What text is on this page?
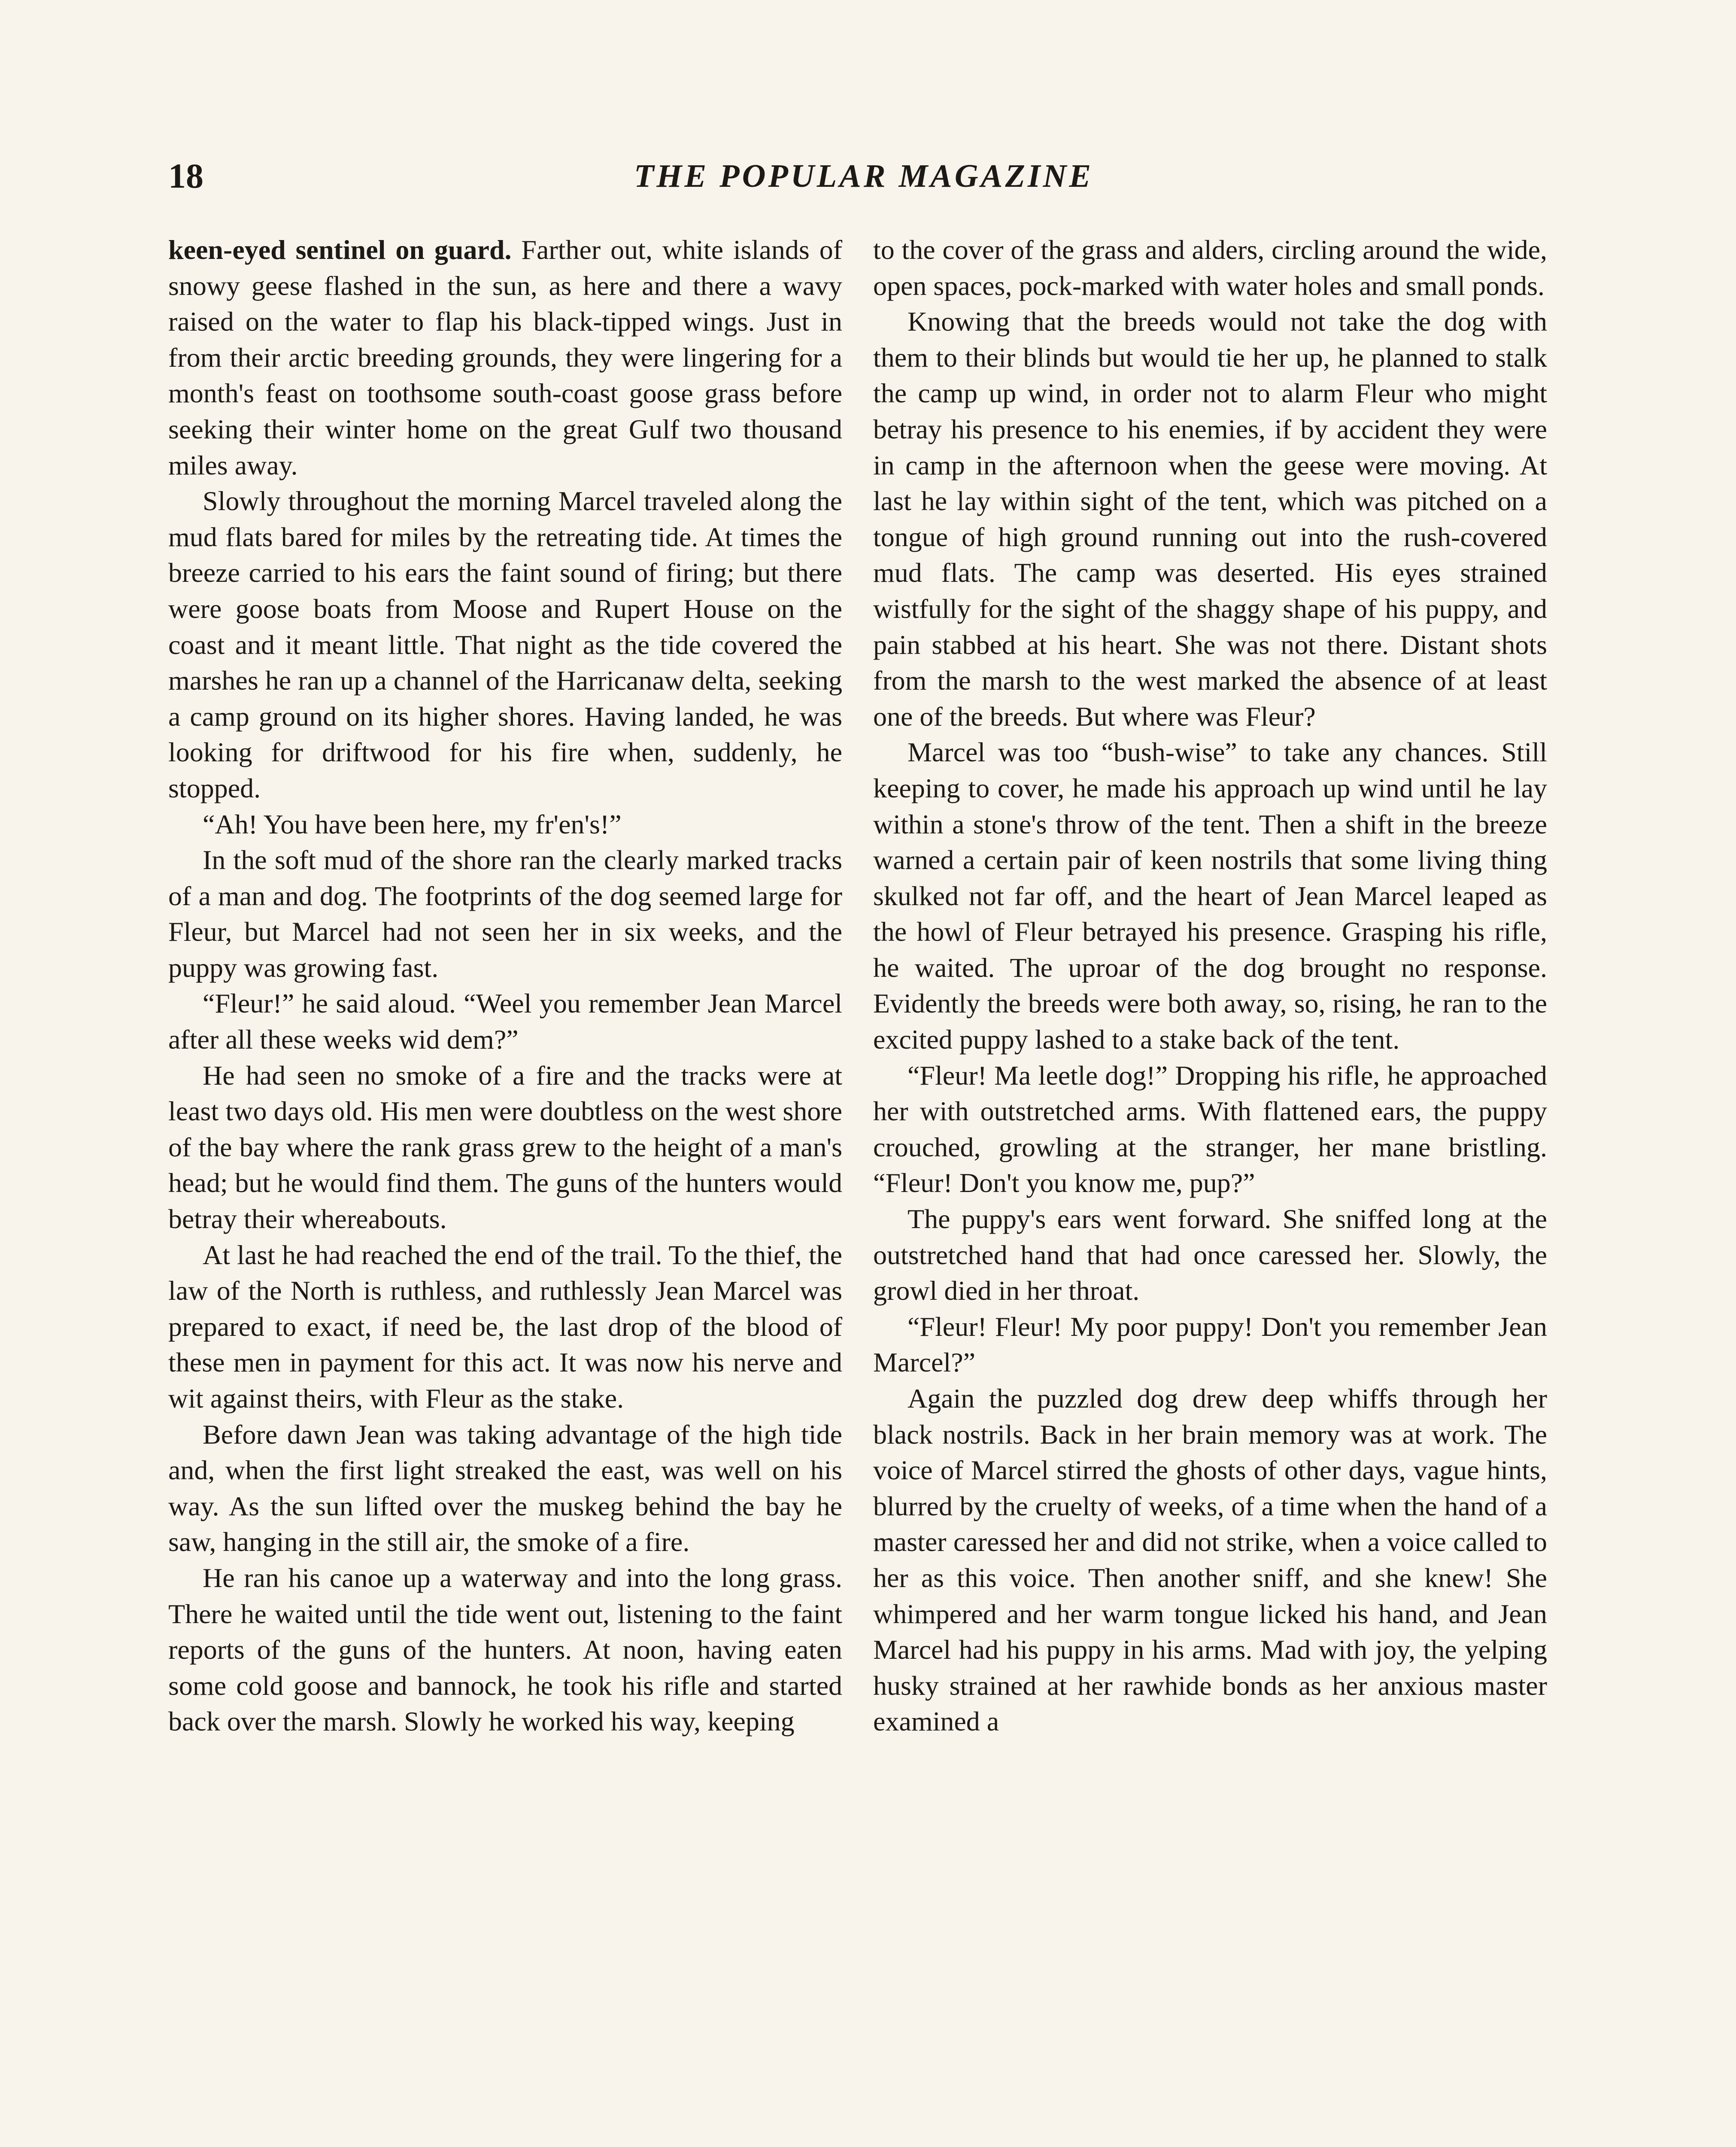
18	THE POPULAR MAGAZINE

keen-eyed sentinel on guard. Farther out, white islands of snowy geese flashed in the sun, as here and there a wavy raised on the water to flap his black-tipped wings. Just in from their arctic breeding grounds, they were lingering for a month's feast on toothsome south-coast goose grass before seeking their winter home on the great Gulf two thousand miles away.

Slowly throughout the morning Marcel traveled along the mud flats bared for miles by the retreating tide. At times the breeze carried to his ears the faint sound of firing; but there were goose boats from Moose and Rupert House on the coast and it meant little. That night as the tide covered the marshes he ran up a channel of the Harricanaw delta, seeking a camp ground on its higher shores. Having landed, he was looking for driftwood for his fire when, suddenly, he stopped.

“Ah! You have been here, my fr'en's!”

In the soft mud of the shore ran the clearly marked tracks of a man and dog. The footprints of the dog seemed large for Fleur, but Marcel had not seen her in six weeks, and the puppy was growing fast.

“Fleur!” he said aloud. “Weel you remember Jean Marcel after all these weeks wid dem?”

He had seen no smoke of a fire and the tracks were at least two days old. His men were doubtless on the west shore of the bay where the rank grass grew to the height of a man's head; but he would find them. The guns of the hunters would betray their whereabouts.

At last he had reached the end of the trail. To the thief, the law of the North is ruthless, and ruthlessly Jean Marcel was prepared to exact, if need be, the last drop of the blood of these men in payment for this act. It was now his nerve and wit against theirs, with Fleur as the stake.

Before dawn Jean was taking advantage of the high tide and, when the first light streaked the east, was well on his way. As the sun lifted over the muskeg behind the bay he saw, hanging in the still air, the smoke of a fire.

He ran his canoe up a waterway and into the long grass. There he waited until the tide went out, listening to the faint reports of the guns of the hunters. At noon, having eaten some cold goose and bannock, he took his rifle and started back over the marsh. Slowly he worked his way, keeping

to the cover of the grass and alders, circling around the wide, open spaces, pock-marked with water holes and small ponds.

Knowing that the breeds would not take the dog with them to their blinds but would tie her up, he planned to stalk the camp up wind, in order not to alarm Fleur who might betray his presence to his enemies, if by accident they were in camp in the afternoon when the geese were moving. At last he lay within sight of the tent, which was pitched on a tongue of high ground running out into the rush-covered mud flats. The camp was deserted. His eyes strained wistfully for the sight of the shaggy shape of his puppy, and pain stabbed at his heart. She was not there. Distant shots from the marsh to the west marked the absence of at least one of the breeds. But where was Fleur?

Marcel was too “bush-wise” to take any chances. Still keeping to cover, he made his approach up wind until he lay within a stone's throw of the tent. Then a shift in the breeze warned a certain pair of keen nostrils that some living thing skulked not far off, and the heart of Jean Marcel leaped as the howl of Fleur betrayed his presence. Grasping his rifle, he waited. The uproar of the dog brought no response. Evidently the breeds were both away, so, rising, he ran to the excited puppy lashed to a stake back of the tent.

“Fleur! Ma leetle dog!” Dropping his rifle, he approached her with outstretched arms. With flattened ears, the puppy crouched, growling at the stranger, her mane bristling. “Fleur! Don't you know me, pup?”

The puppy's ears went forward. She sniffed long at the outstretched hand that had once caressed her. Slowly, the growl died in her throat.

“Fleur! Fleur! My poor puppy! Don't you remember Jean Marcel?”

Again the puzzled dog drew deep whiffs through her black nostrils. Back in her brain memory was at work. The voice of Marcel stirred the ghosts of other days, vague hints, blurred by the cruelty of weeks, of a time when the hand of a master caressed her and did not strike, when a voice called to her as this voice. Then another sniff, and she knew! She whimpered and her warm tongue licked his hand, and Jean Marcel had his puppy in his arms. Mad with joy, the yelping husky strained at her rawhide bonds as her anxious master examined a
